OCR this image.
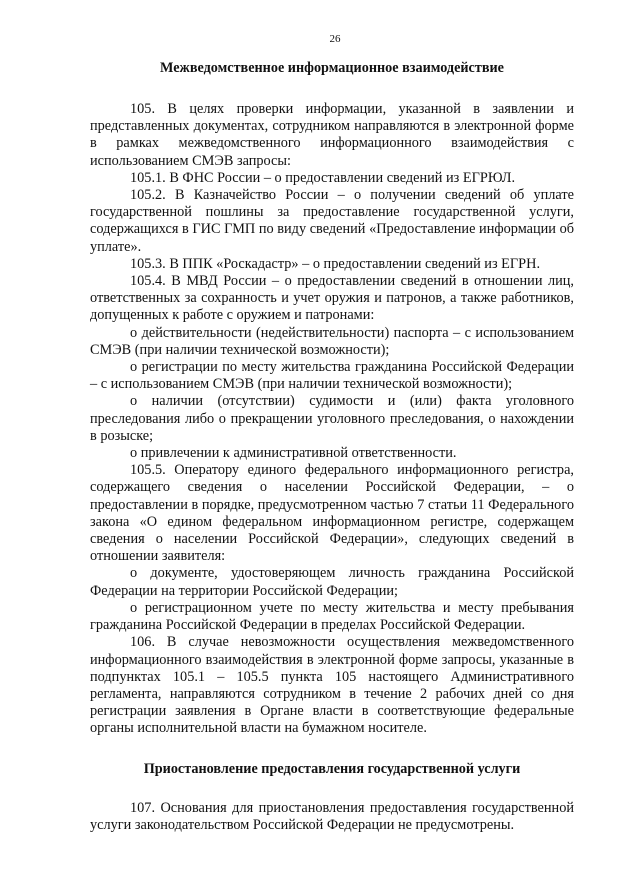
26
Межведомственное информационное взаимодействие

105. В целях проверки информации, указанной в заявлении и представленных документах, сотрудником направляются в электронной форме в рамках межведомственного информационного взаимодействия с использованием СМЭВ запросы:

105.1. В ФНС России – о предоставлении сведений из ЕГРЮЛ.

105.2. В Казначейство России – о получении сведений об уплате государственной пошлины за предоставление государственной услуги, содержащихся в ГИС ГМП по виду сведений «Предоставление информации об уплате».

105.3. В ППК «Роскадастр» – о предоставлении сведений из ЕГРН.

105.4. В МВД России – о предоставлении сведений в отношении лиц, ответственных за сохранность и учет оружия и патронов, а также работников, допущенных к работе с оружием и патронами:

о действительности (недействительности) паспорта – с использованием СМЭВ (при наличии технической возможности);

о регистрации по месту жительства гражданина Российской Федерации – с использованием СМЭВ (при наличии технической возможности);

о наличии (отсутствии) судимости и (или) факта уголовного преследования либо о прекращении уголовного преследования, о нахождении в розыске;

о привлечении к административной ответственности.

105.5. Оператору единого федерального информационного регистра, содержащего сведения о населении Российской Федерации, – о предоставлении в порядке, предусмотренном частью 7 статьи 11 Федерального закона «О едином федеральном информационном регистре, содержащем сведения о населении Российской Федерации», следующих сведений в отношении заявителя:

о документе, удостоверяющем личность гражданина Российской Федерации на территории Российской Федерации;

о регистрационном учете по месту жительства и месту пребывания гражданина Российской Федерации в пределах Российской Федерации.

106. В случае невозможности осуществления межведомственного информационного взаимодействия в электронной форме запросы, указанные в подпунктах 105.1 – 105.5 пункта 105 настоящего Административного регламента, направляются сотрудником в течение 2 рабочих дней со дня регистрации заявления в Органе власти в соответствующие федеральные органы исполнительной власти на бумажном носителе.

Приостановление предоставления государственной услуги

107. Основания для приостановления предоставления государственной услуги законодательством Российской Федерации не предусмотрены.
